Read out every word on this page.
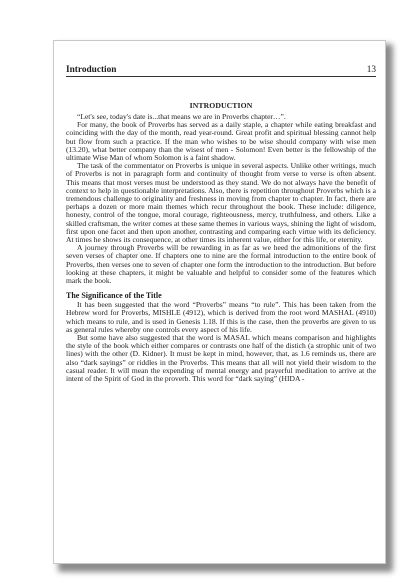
Introduction	13
INTRODUCTION

“Let's see, today's date is...that means we are in Proverbs chapter…”.

For many, the book of Proverbs has served as a daily staple, a chapter while eating breakfast and coinciding with the day of the month, read year-round. Great profit and spiritual blessing cannot help but flow from such a practice. If the man who wishes to be wise should company with wise men (13.20), what better company than the wisest of men - Solomon! Even better is the fellowship of the ultimate Wise Man of whom Solomon is a faint shadow.

The task of the commentator on Proverbs is unique in several aspects. Unlike other writings, much of Proverbs is not in paragraph form and continuity of thought from verse to verse is often absent. This means that most verses must be understood as they stand. We do not always have the benefit of context to help in questionable interpretations. Also, there is repetition throughout Proverbs which is a tremendous challenge to originality and freshness in moving from chapter to chapter. In fact, there are perhaps a dozen or more main themes which recur throughout the book. These include: diligence, honesty, control of the tongue, moral courage, righteousness, mercy, truthfulness, and others. Like a skilled craftsman, the writer comes at these same themes in various ways, shining the light of wisdom, first upon one facet and then upon another, contrasting and comparing each virtue with its deficiency. At times he shows its consequence, at other times its inherent value, either for this life, or eternity.

A journey through Proverbs will be rewarding in as far as we heed the admonitions of the first seven verses of chapter one. If chapters one to nine are the formal introduction to the entire book of Proverbs, then verses one to seven of chapter one form the introduction to the introduction. But before looking at these chapters, it might be valuable and helpful to consider some of the features which mark the book.

The Significance of the Title

It has been suggested that the word “Proverbs” means “to rule”. This has been taken from the Hebrew word for Proverbs, MISHLE (4912), which is derived from the root word MASHAL (4910) which means to rule, and is used in Genesis 1.18. If this is the case, then the proverbs are given to us as general rules whereby one controls every aspect of his life.

But some have also suggested that the word is MASAL which means comparison and highlights the style of the book which either compares or contrasts one half of the distich (a strophic unit of two lines) with the other (D. Kidner). It must be kept in mind, however, that, as 1.6 reminds us, there are also “dark sayings” or riddles in the Proverbs. This means that all will not yield their wisdom to the casual reader. It will mean the expending of mental energy and prayerful meditation to arrive at the intent of the Spirit of God in the proverb. This word for “dark saying” (HIDA -
